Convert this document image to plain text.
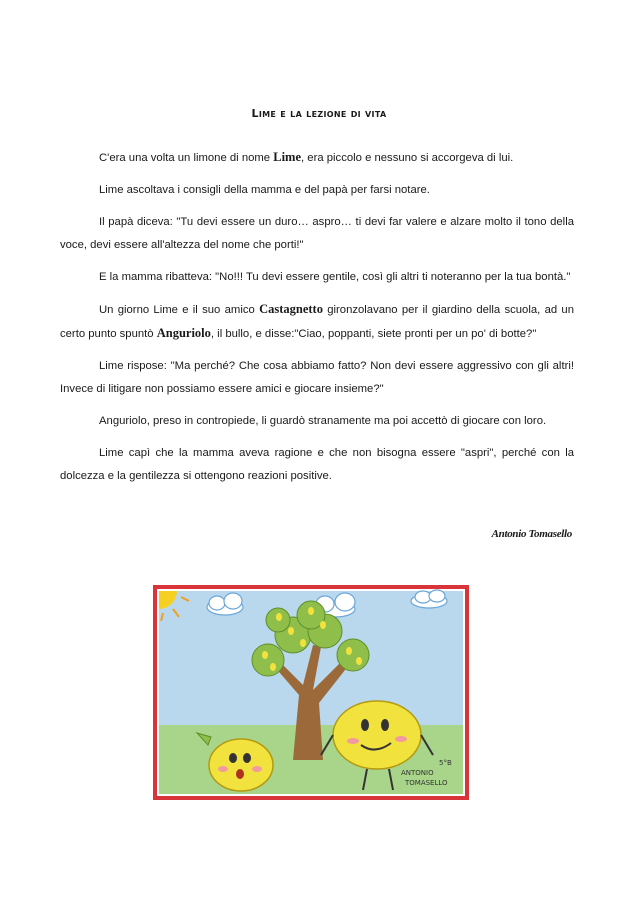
Lime e la lezione di vita

C'era una volta un limone di nome Lime, era piccolo e nessuno si accorgeva di lui.

Lime ascoltava i consigli della mamma e del papà per farsi notare.

Il papà diceva: "Tu devi essere un duro… aspro… ti devi far valere e alzare molto il tono della voce, devi essere all'altezza del nome che porti!"

E la mamma ribatteva: "No!!! Tu devi essere gentile, così gli altri ti noteranno per la tua bontà."

Un giorno Lime e il suo amico Castagnetto gironzolavano per il giardino della scuola, ad un certo punto spuntò Anguriolo, il bullo, e disse:"Ciao, poppanti, siete pronti per un po' di botte?"

Lime rispose: "Ma perché? Che cosa abbiamo fatto? Non devi essere aggressivo con gli altri! Invece di litigare non possiamo essere amici e giocare insieme?"

Anguriolo, preso in contropiede, li guardò stranamente ma poi accettò di giocare con loro.

Lime capì che la mamma aveva ragione e che non bisogna essere "aspri", perché con la dolcezza e la gentilezza si ottengono reazioni positive.

Antonio Tomasello
ANTONIO TOMASELLO
5°B
